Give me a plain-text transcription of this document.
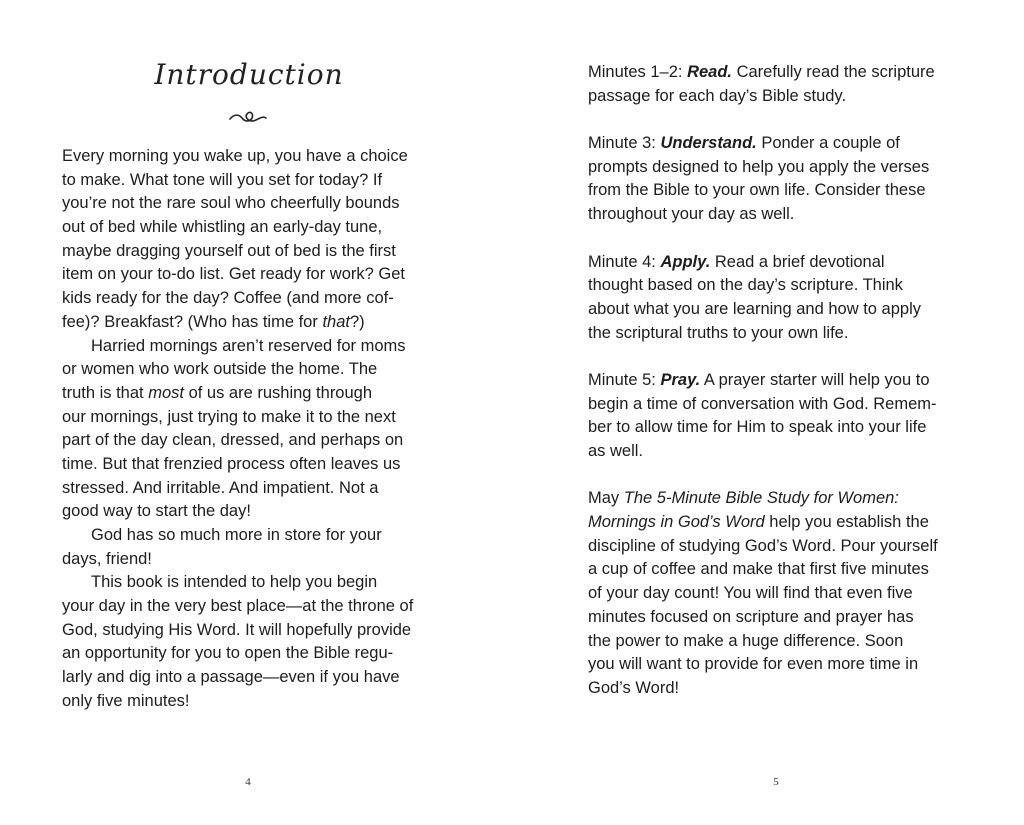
Introduction
Every morning you wake up, you have a choice
to make. What tone will you set for today? If
you’re not the rare soul who cheerfully bounds
out of bed while whistling an early-day tune,
maybe dragging yourself out of bed is the first
item on your to-do list. Get ready for work? Get
kids ready for the day? Coffee (and more cof-
fee)? Breakfast? (Who has time for that?)
Harried mornings aren’t reserved for moms
or women who work outside the home. The
truth is that most of us are rushing through
our mornings, just trying to make it to the next
part of the day clean, dressed, and perhaps on
time. But that frenzied process often leaves us
stressed. And irritable. And impatient. Not a
good way to start the day!
God has so much more in store for your
days, friend!
This book is intended to help you begin
your day in the very best place—at the throne of
God, studying His Word. It will hopefully provide
an opportunity for you to open the Bible regu-
larly and dig into a passage—even if you have
only five minutes!
4
Minutes 1–2: Read. Carefully read the scripture
passage for each day’s Bible study.
Minute 3: Understand. Ponder a couple of
prompts designed to help you apply the verses
from the Bible to your own life. Consider these
throughout your day as well.
Minute 4: Apply. Read a brief devotional
thought based on the day’s scripture. Think
about what you are learning and how to apply
the scriptural truths to your own life.
Minute 5: Pray. A prayer starter will help you to
begin a time of conversation with God. Remem-
ber to allow time for Him to speak into your life
as well.
May The 5-Minute Bible Study for Women:
Mornings in God’s Word help you establish the
discipline of studying God’s Word. Pour yourself
a cup of coffee and make that first five minutes
of your day count! You will find that even five
minutes focused on scripture and prayer has
the power to make a huge difference. Soon
you will want to provide for even more time in
God’s Word!
5
